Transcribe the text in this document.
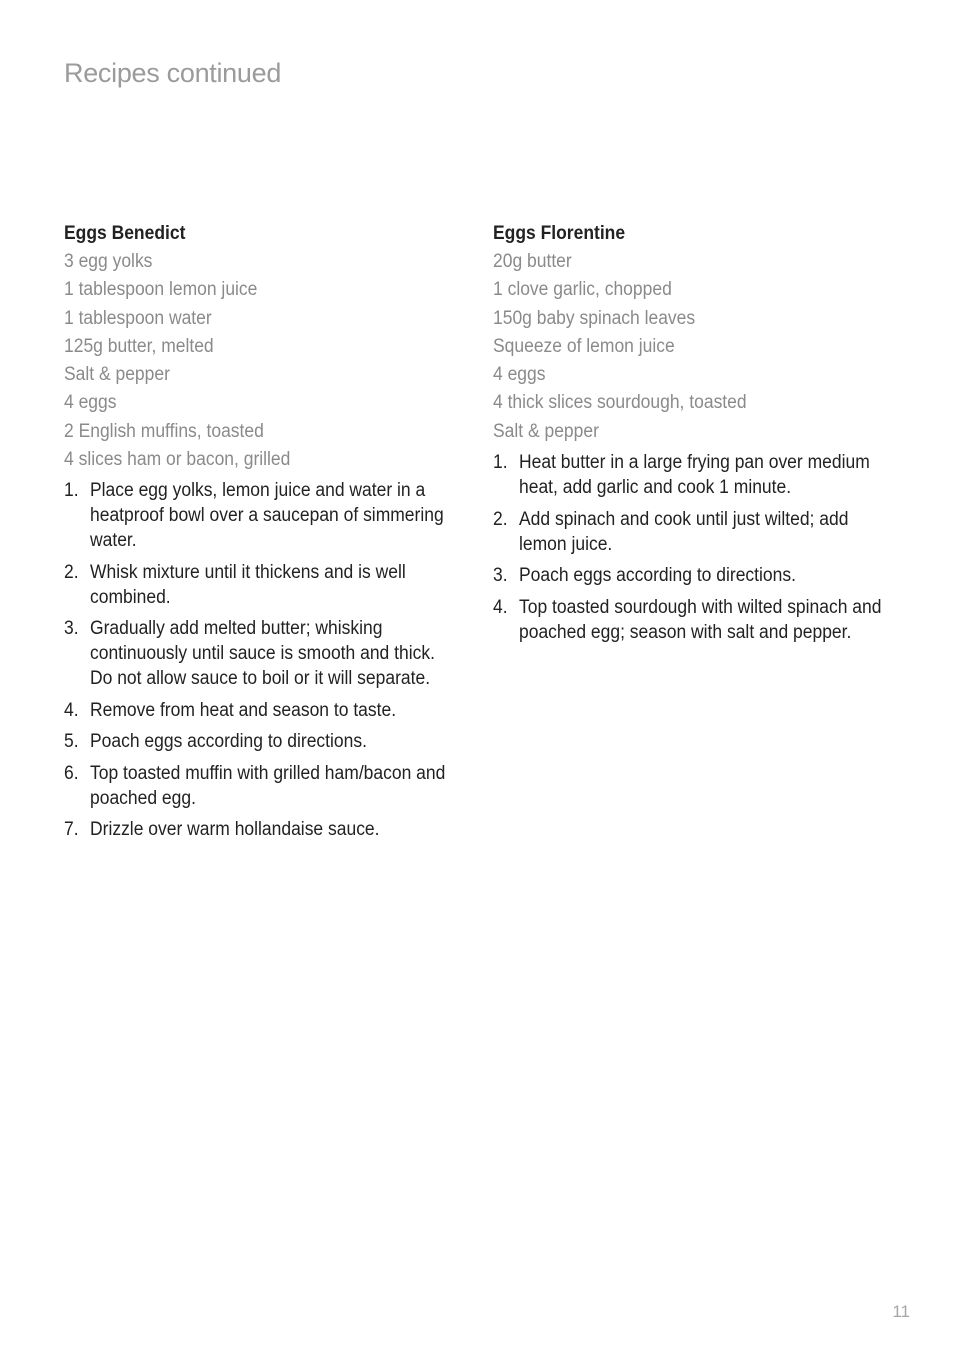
Recipes continued
Eggs Benedict
3 egg yolks
1 tablespoon lemon juice
1 tablespoon water
125g butter, melted
Salt & pepper
4 eggs
2 English muffins, toasted
4 slices ham or bacon, grilled
1. Place egg yolks, lemon juice and water in a heatproof bowl over a saucepan of simmering water.
2. Whisk mixture until it thickens and is well combined.
3. Gradually add melted butter; whisking continuously until sauce is smooth and thick. Do not allow sauce to boil or it will separate.
4. Remove from heat and season to taste.
5. Poach eggs according to directions.
6. Top toasted muffin with grilled ham/bacon and poached egg.
7. Drizzle over warm hollandaise sauce.
Eggs Florentine
20g butter
1 clove garlic, chopped
150g baby spinach leaves
Squeeze of lemon juice
4 eggs
4 thick slices sourdough, toasted
Salt & pepper
1. Heat butter in a large frying pan over medium heat, add garlic and cook 1 minute.
2. Add spinach and cook until just wilted; add lemon juice.
3. Poach eggs according to directions.
4. Top toasted sourdough with wilted spinach and poached egg; season with salt and pepper.
11
